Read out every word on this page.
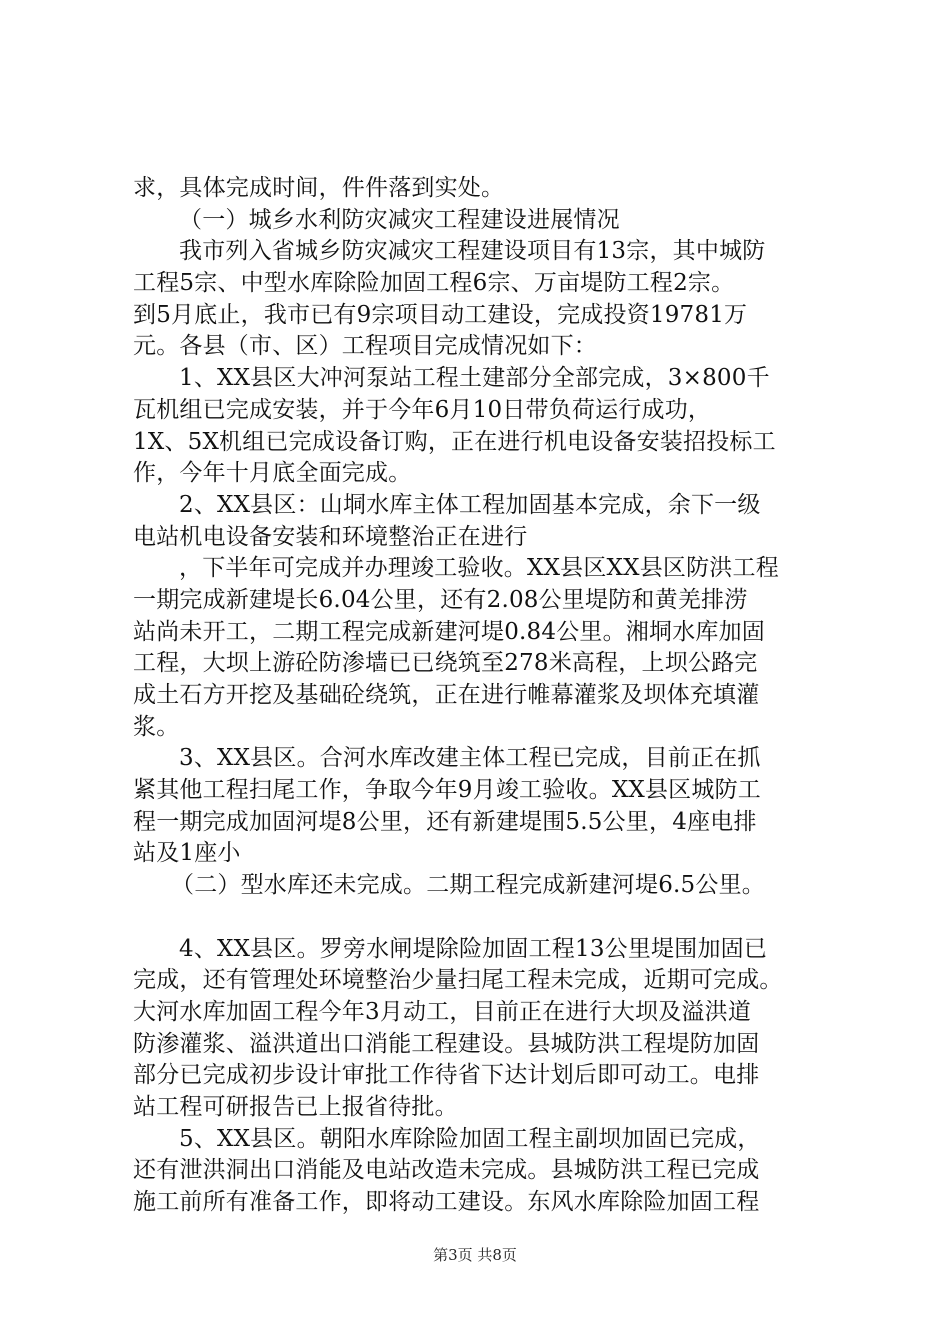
求，具体完成时间，件件落到实处。
（一）城乡水利防灾减灾工程建设进展情况
我市列入省城乡防灾减灾工程建设项目有13宗，其中城防
工程5宗、中型水库除险加固工程6宗、万亩堤防工程2宗。
到5月底止，我市已有9宗项目动工建设，完成投资19781万
元。各县（市、区）工程项目完成情况如下：
1、XX县区大冲河泵站工程土建部分全部完成，3×800千
瓦机组已完成安装，并于今年6月10日带负荷运行成功，
1X、5X机组已完成设备订购，正在进行机电设备安装招投标工
作，今年十月底全面完成。
2、XX县区：山垌水库主体工程加固基本完成，余下一级
电站机电设备安装和环境整治正在进行
，下半年可完成并办理竣工验收。XX县区XX县区防洪工程
一期完成新建堤长6.04公里，还有2.08公里堤防和黄羌排涝
站尚未开工，二期工程完成新建河堤0.84公里。湘垌水库加固
工程，大坝上游砼防渗墙已已绕筑至278米高程，上坝公路完
成土石方开挖及基础砼绕筑，正在进行帷幕灌浆及坝体充填灌
浆。
3、XX县区。合河水库改建主体工程已完成，目前正在抓
紧其他工程扫尾工作，争取今年9月竣工验收。XX县区城防工
程一期完成加固河堤8公里，还有新建堤围5.5公里，4座电排
站及1座小
（二）型水库还未完成。二期工程完成新建河堤6.5公里。
4、XX县区。罗旁水闸堤除险加固工程13公里堤围加固已
完成，还有管理处环境整治少量扫尾工程未完成，近期可完成。
大河水库加固工程今年3月动工，目前正在进行大坝及溢洪道
防渗灌浆、溢洪道出口消能工程建设。县城防洪工程堤防加固
部分已完成初步设计审批工作待省下达计划后即可动工。电排
站工程可研报告已上报省待批。
5、XX县区。朝阳水库除险加固工程主副坝加固已完成，
还有泄洪洞出口消能及电站改造未完成。县城防洪工程已完成
施工前所有准备工作，即将动工建设。东风水库除险加固工程
第3页 共8页
